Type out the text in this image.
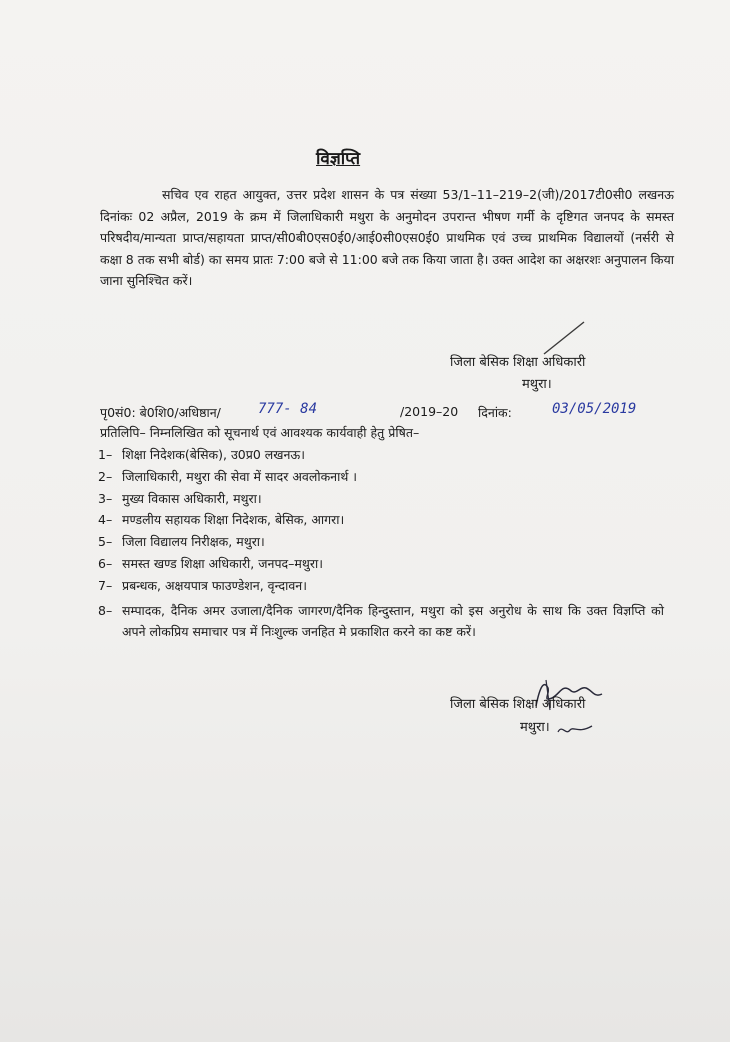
विज्ञप्ति
सचिव एव राहत आयुक्त, उत्तर प्रदेश शासन के पत्र संख्या 53/1–11–219–2(जी)/2017टी0सी0 लखनऊ दिनांकः 02 अप्रैल, 2019 के क्रम में जिलाधिकारी मथुरा के अनुमोदन उपरान्त भीषण गर्मी के दृष्टिगत जनपद के समस्त परिषदीय/मान्यता प्राप्त/सहायता प्राप्त/सी0बी0एस0ई0/आई0सी0एस0ई0 प्राथमिक एवं उच्च प्राथमिक विद्यालयों (नर्सरी से कक्षा 8 तक सभी बोर्ड) का समय प्रातः 7:00 बजे से 11:00 बजे तक किया जाता है। उक्त आदेश का अक्षरशः अनुपालन किया जाना सुनिश्चित करें।
जिला बेसिक शिक्षा अधिकारी
मथुरा।
पृ0सं0: बे0शि0/अधिष्ठान/	777- 84	/2019–20 दिनांक:	03/05/2019
प्रतिलिपि– निम्नलिखित को सूचनार्थ एवं आवश्यक कार्यवाही हेतु प्रेषित–
1– शिक्षा निदेशक(बेसिक), उ0प्र0 लखनऊ।
2– जिलाधिकारी, मथुरा की सेवा में सादर अवलोकनार्थ ।
3– मुख्य विकास अधिकारी, मथुरा।
4– मण्डलीय सहायक शिक्षा निदेशक, बेसिक, आगरा।
5– जिला विद्यालय निरीक्षक, मथुरा।
6– समस्त खण्ड शिक्षा अधिकारी, जनपद–मथुरा।
7– प्रबन्धक, अक्षयपात्र फाउण्डेशन, वृन्दावन।
8– सम्पादक, दैनिक अमर उजाला/दैनिक जागरण/दैनिक हिन्दुस्तान, मथुरा को इस अनुरोध के साथ कि उक्त विज्ञप्ति को अपने लोकप्रिय समाचार पत्र में निःशुल्क जनहित मे प्रकाशित करने का कष्ट करें।
जिला बेसिक शिक्षा अधिकारी
मथुरा।
